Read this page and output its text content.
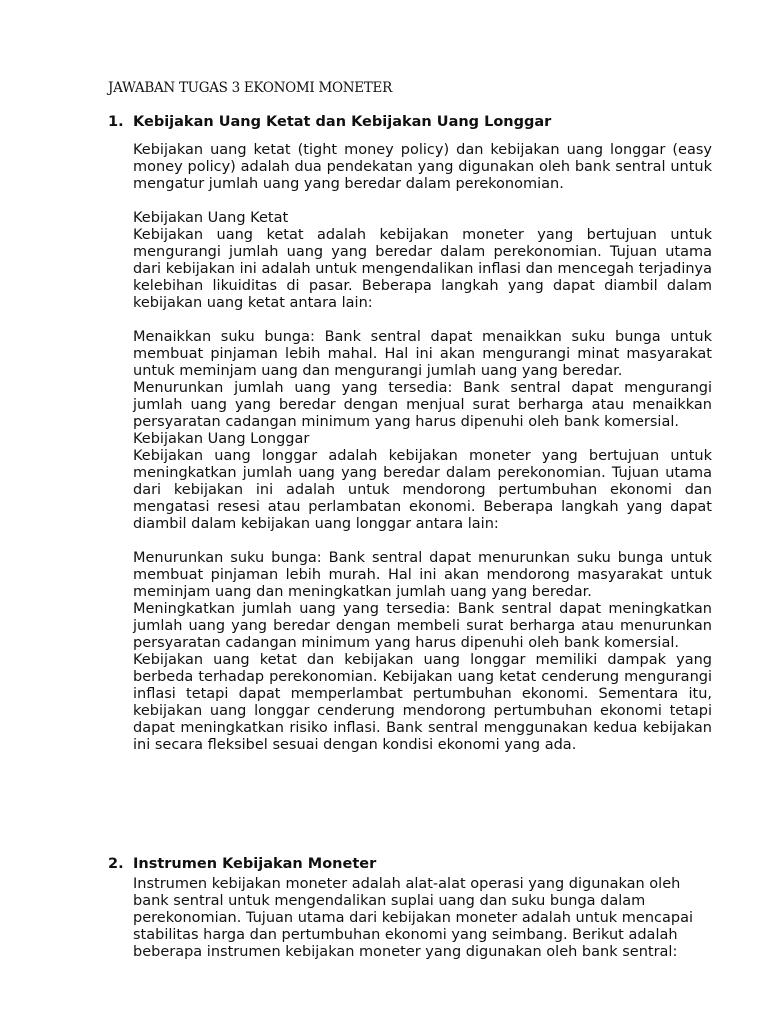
JAWABAN TUGAS 3 EKONOMI MONETER
1. Kebijakan Uang Ketat dan Kebijakan Uang Longgar

Kebijakan uang ketat (tight money policy) dan kebijakan uang longgar (easy money policy) adalah dua pendekatan yang digunakan oleh bank sentral untuk mengatur jumlah uang yang beredar dalam perekonomian.

Kebijakan Uang Ketat

Kebijakan uang ketat adalah kebijakan moneter yang bertujuan untuk mengurangi jumlah uang yang beredar dalam perekonomian. Tujuan utama dari kebijakan ini adalah untuk mengendalikan inflasi dan mencegah terjadinya kelebihan likuiditas di pasar. Beberapa langkah yang dapat diambil dalam kebijakan uang ketat antara lain:

Menaikkan suku bunga: Bank sentral dapat menaikkan suku bunga untuk membuat pinjaman lebih mahal. Hal ini akan mengurangi minat masyarakat untuk meminjam uang dan mengurangi jumlah uang yang beredar.

Menurunkan jumlah uang yang tersedia: Bank sentral dapat mengurangi jumlah uang yang beredar dengan menjual surat berharga atau menaikkan persyaratan cadangan minimum yang harus dipenuhi oleh bank komersial.

Kebijakan Uang Longgar

Kebijakan uang longgar adalah kebijakan moneter yang bertujuan untuk meningkatkan jumlah uang yang beredar dalam perekonomian. Tujuan utama dari kebijakan ini adalah untuk mendorong pertumbuhan ekonomi dan mengatasi resesi atau perlambatan ekonomi. Beberapa langkah yang dapat diambil dalam kebijakan uang longgar antara lain:

Menurunkan suku bunga: Bank sentral dapat menurunkan suku bunga untuk membuat pinjaman lebih murah. Hal ini akan mendorong masyarakat untuk meminjam uang dan meningkatkan jumlah uang yang beredar.

Meningkatkan jumlah uang yang tersedia: Bank sentral dapat meningkatkan jumlah uang yang beredar dengan membeli surat berharga atau menurunkan persyaratan cadangan minimum yang harus dipenuhi oleh bank komersial.

Kebijakan uang ketat dan kebijakan uang longgar memiliki dampak yang berbeda terhadap perekonomian. Kebijakan uang ketat cenderung mengurangi inflasi tetapi dapat memperlambat pertumbuhan ekonomi. Sementara itu, kebijakan uang longgar cenderung mendorong pertumbuhan ekonomi tetapi dapat meningkatkan risiko inflasi. Bank sentral menggunakan kedua kebijakan ini secara fleksibel sesuai dengan kondisi ekonomi yang ada.

2. Instrumen Kebijakan Moneter

Instrumen kebijakan moneter adalah alat-alat operasi yang digunakan oleh bank sentral untuk mengendalikan suplai uang dan suku bunga dalam perekonomian. Tujuan utama dari kebijakan moneter adalah untuk mencapai stabilitas harga dan pertumbuhan ekonomi yang seimbang. Berikut adalah beberapa instrumen kebijakan moneter yang digunakan oleh bank sentral:
